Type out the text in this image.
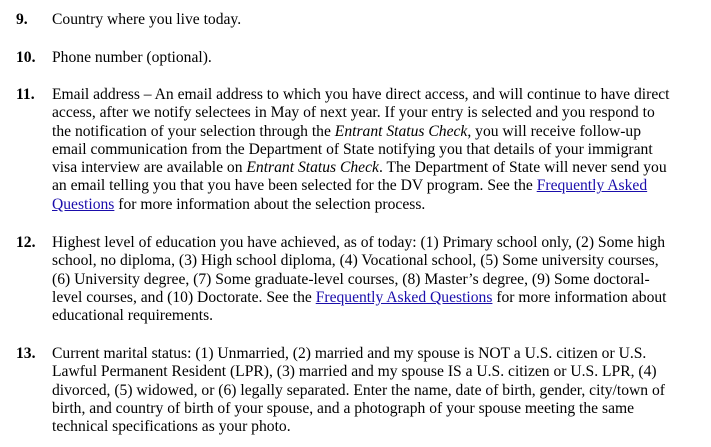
9. Country where you live today.
10. Phone number (optional).
11. Email address – An email address to which you have direct access, and will continue to have direct
access, after we notify selectees in May of next year. If your entry is selected and you respond to
the notification of your selection through the Entrant Status Check, you will receive follow-up
email communication from the Department of State notifying you that details of your immigrant
visa interview are available on Entrant Status Check. The Department of State will never send you
an email telling you that you have been selected for the DV program. See the Frequently Asked
Questions for more information about the selection process.
12. Highest level of education you have achieved, as of today: (1) Primary school only, (2) Some high
school, no diploma, (3) High school diploma, (4) Vocational school, (5) Some university courses,
(6) University degree, (7) Some graduate-level courses, (8) Master’s degree, (9) Some doctoral-
level courses, and (10) Doctorate. See the Frequently Asked Questions for more information about
educational requirements.
13. Current marital status: (1) Unmarried, (2) married and my spouse is NOT a U.S. citizen or U.S.
Lawful Permanent Resident (LPR), (3) married and my spouse IS a U.S. citizen or U.S. LPR, (4)
divorced, (5) widowed, or (6) legally separated. Enter the name, date of birth, gender, city/town of
birth, and country of birth of your spouse, and a photograph of your spouse meeting the same
technical specifications as your photo.
